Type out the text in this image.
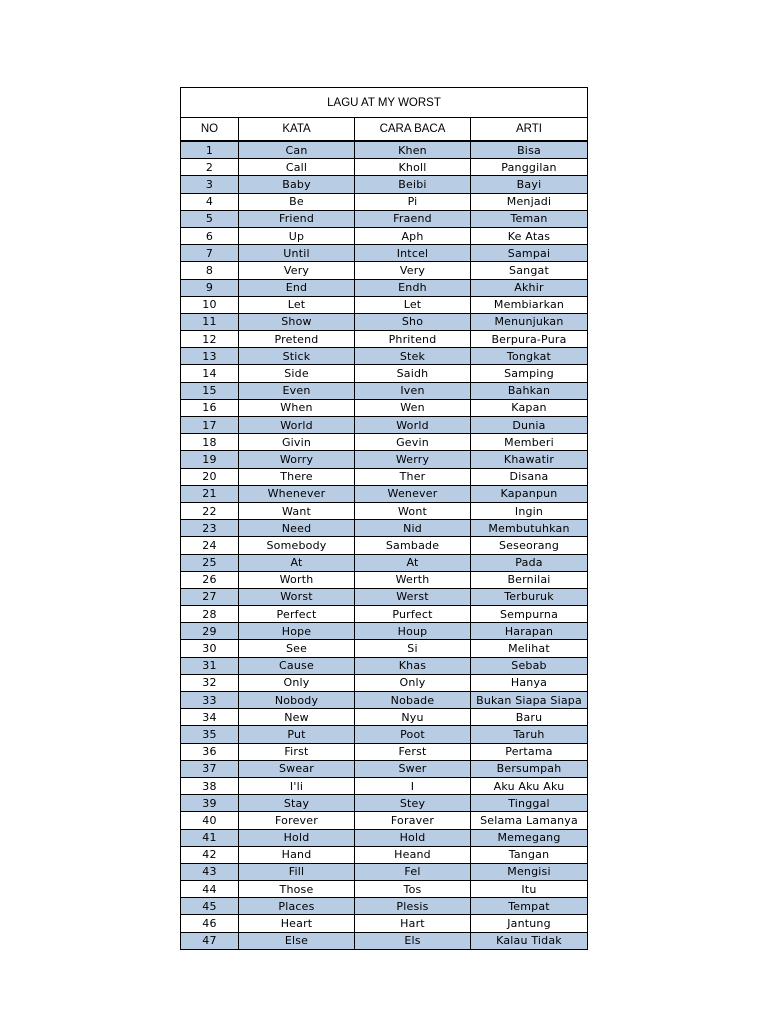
LAGU AT MY WORST			
NO	KATA	CARA BACA	ARTI
1	Can	Khen	Bisa
2	Call	Kholl	Panggilan
3	Baby	Beibi	Bayi
4	Be	Pi	Menjadi
5	Friend	Fraend	Teman
6	Up	Aph	Ke Atas
7	Until	Intcel	Sampai
8	Very	Very	Sangat
9	End	Endh	Akhir
10	Let	Let	Membiarkan
11	Show	Sho	Menunjukan
12	Pretend	Phritend	Berpura-Pura
13	Stick	Stek	Tongkat
14	Side	Saidh	Samping
15	Even	Iven	Bahkan
16	When	Wen	Kapan
17	World	World	Dunia
18	Givin	Gevin	Memberi
19	Worry	Werry	Khawatir
20	There	Ther	Disana
21	Whenever	Wenever	Kapanpun
22	Want	Wont	Ingin
23	Need	Nid	Membutuhkan
24	Somebody	Sambade	Seseorang
25	At	At	Pada
26	Worth	Werth	Bernilai
27	Worst	Werst	Terburuk
28	Perfect	Purfect	Sempurna
29	Hope	Houp	Harapan
30	See	Si	Melihat
31	Cause	Khas	Sebab
32	Only	Only	Hanya
33	Nobody	Nobade	Bukan Siapa Siapa
34	New	Nyu	Baru
35	Put	Poot	Taruh
36	First	Ferst	Pertama
37	Swear	Swer	Bersumpah
38	I'li	I	Aku Aku Aku
39	Stay	Stey	Tinggal
40	Forever	Foraver	Selama Lamanya
41	Hold	Hold	Memegang
42	Hand	Heand	Tangan
43	Fill	Fel	Mengisi
44	Those	Tos	Itu
45	Places	Plesis	Tempat
46	Heart	Hart	Jantung
47	Else	Els	Kalau Tidak
